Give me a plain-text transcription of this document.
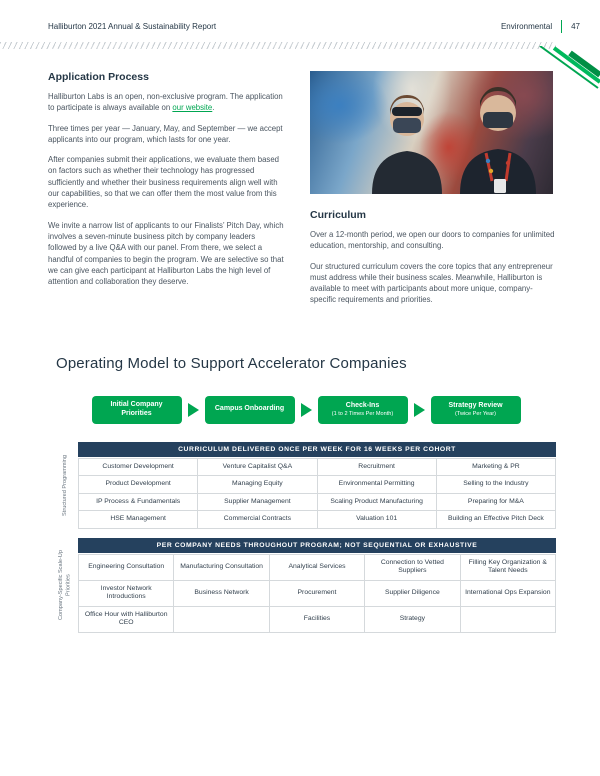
Halliburton 2021 Annual & Sustainability Report	Environmental 47
Application Process

Halliburton Labs is an open, non-exclusive program. The application to participate is always available on our website.

Three times per year — January, May, and September — we accept applicants into our program, which lasts for one year.

After companies submit their applications, we evaluate them based on factors such as whether their technology has progressed sufficiently and whether their business requirements align well with our capabilities, so that we can offer them the most value from this experience.

We invite a narrow list of applicants to our Finalists’ Pitch Day, which involves a seven-minute business pitch by company leaders followed by a live Q&A with our panel. From there, we select a handful of companies to begin the program. We are selective so that we can give each participant at Halliburton Labs the high level of attention and collaboration they deserve.

Curriculum

Over a 12-month period, we open our doors to companies for unlimited education, mentorship, and consulting.

Our structured curriculum covers the core topics that any entrepreneur must address while their business scales. Meanwhile, Halliburton is available to meet with participants about more unique, company-specific requirements and priorities.

Operating Model to Support Accelerator Companies
Initial Company Priorities
Campus Onboarding
Check-Ins
(1 to 2 Times Per Month)
Strategy Review
(Twice Per Year)
Structured Programming
CURRICULUM DELIVERED ONCE PER WEEK FOR 16 WEEKS PER COHORT
Customer Development	Venture Capitalist Q&A	Recruitment	Marketing & PR
Product Development	Managing Equity	Environmental Permitting	Selling to the Industry
IP Process & Fundamentals	Supplier Management	Scaling Product Manufacturing	Preparing for M&A
HSE Management	Commercial Contracts	Valuation 101	Building an Effective Pitch Deck
Company-Specific Scale-Up Priorities
PER COMPANY NEEDS THROUGHOUT PROGRAM; NOT SEQUENTIAL OR EXHAUSTIVE
Engineering Consultation	Manufacturing Consultation	Analytical Services	Connection to Vetted Suppliers	Filling Key Organization & Talent Needs
Investor Network Introductions	Business Network	Procurement	Supplier Diligence	International Ops Expansion
Office Hour with Halliburton CEO		Facilities	Strategy	
